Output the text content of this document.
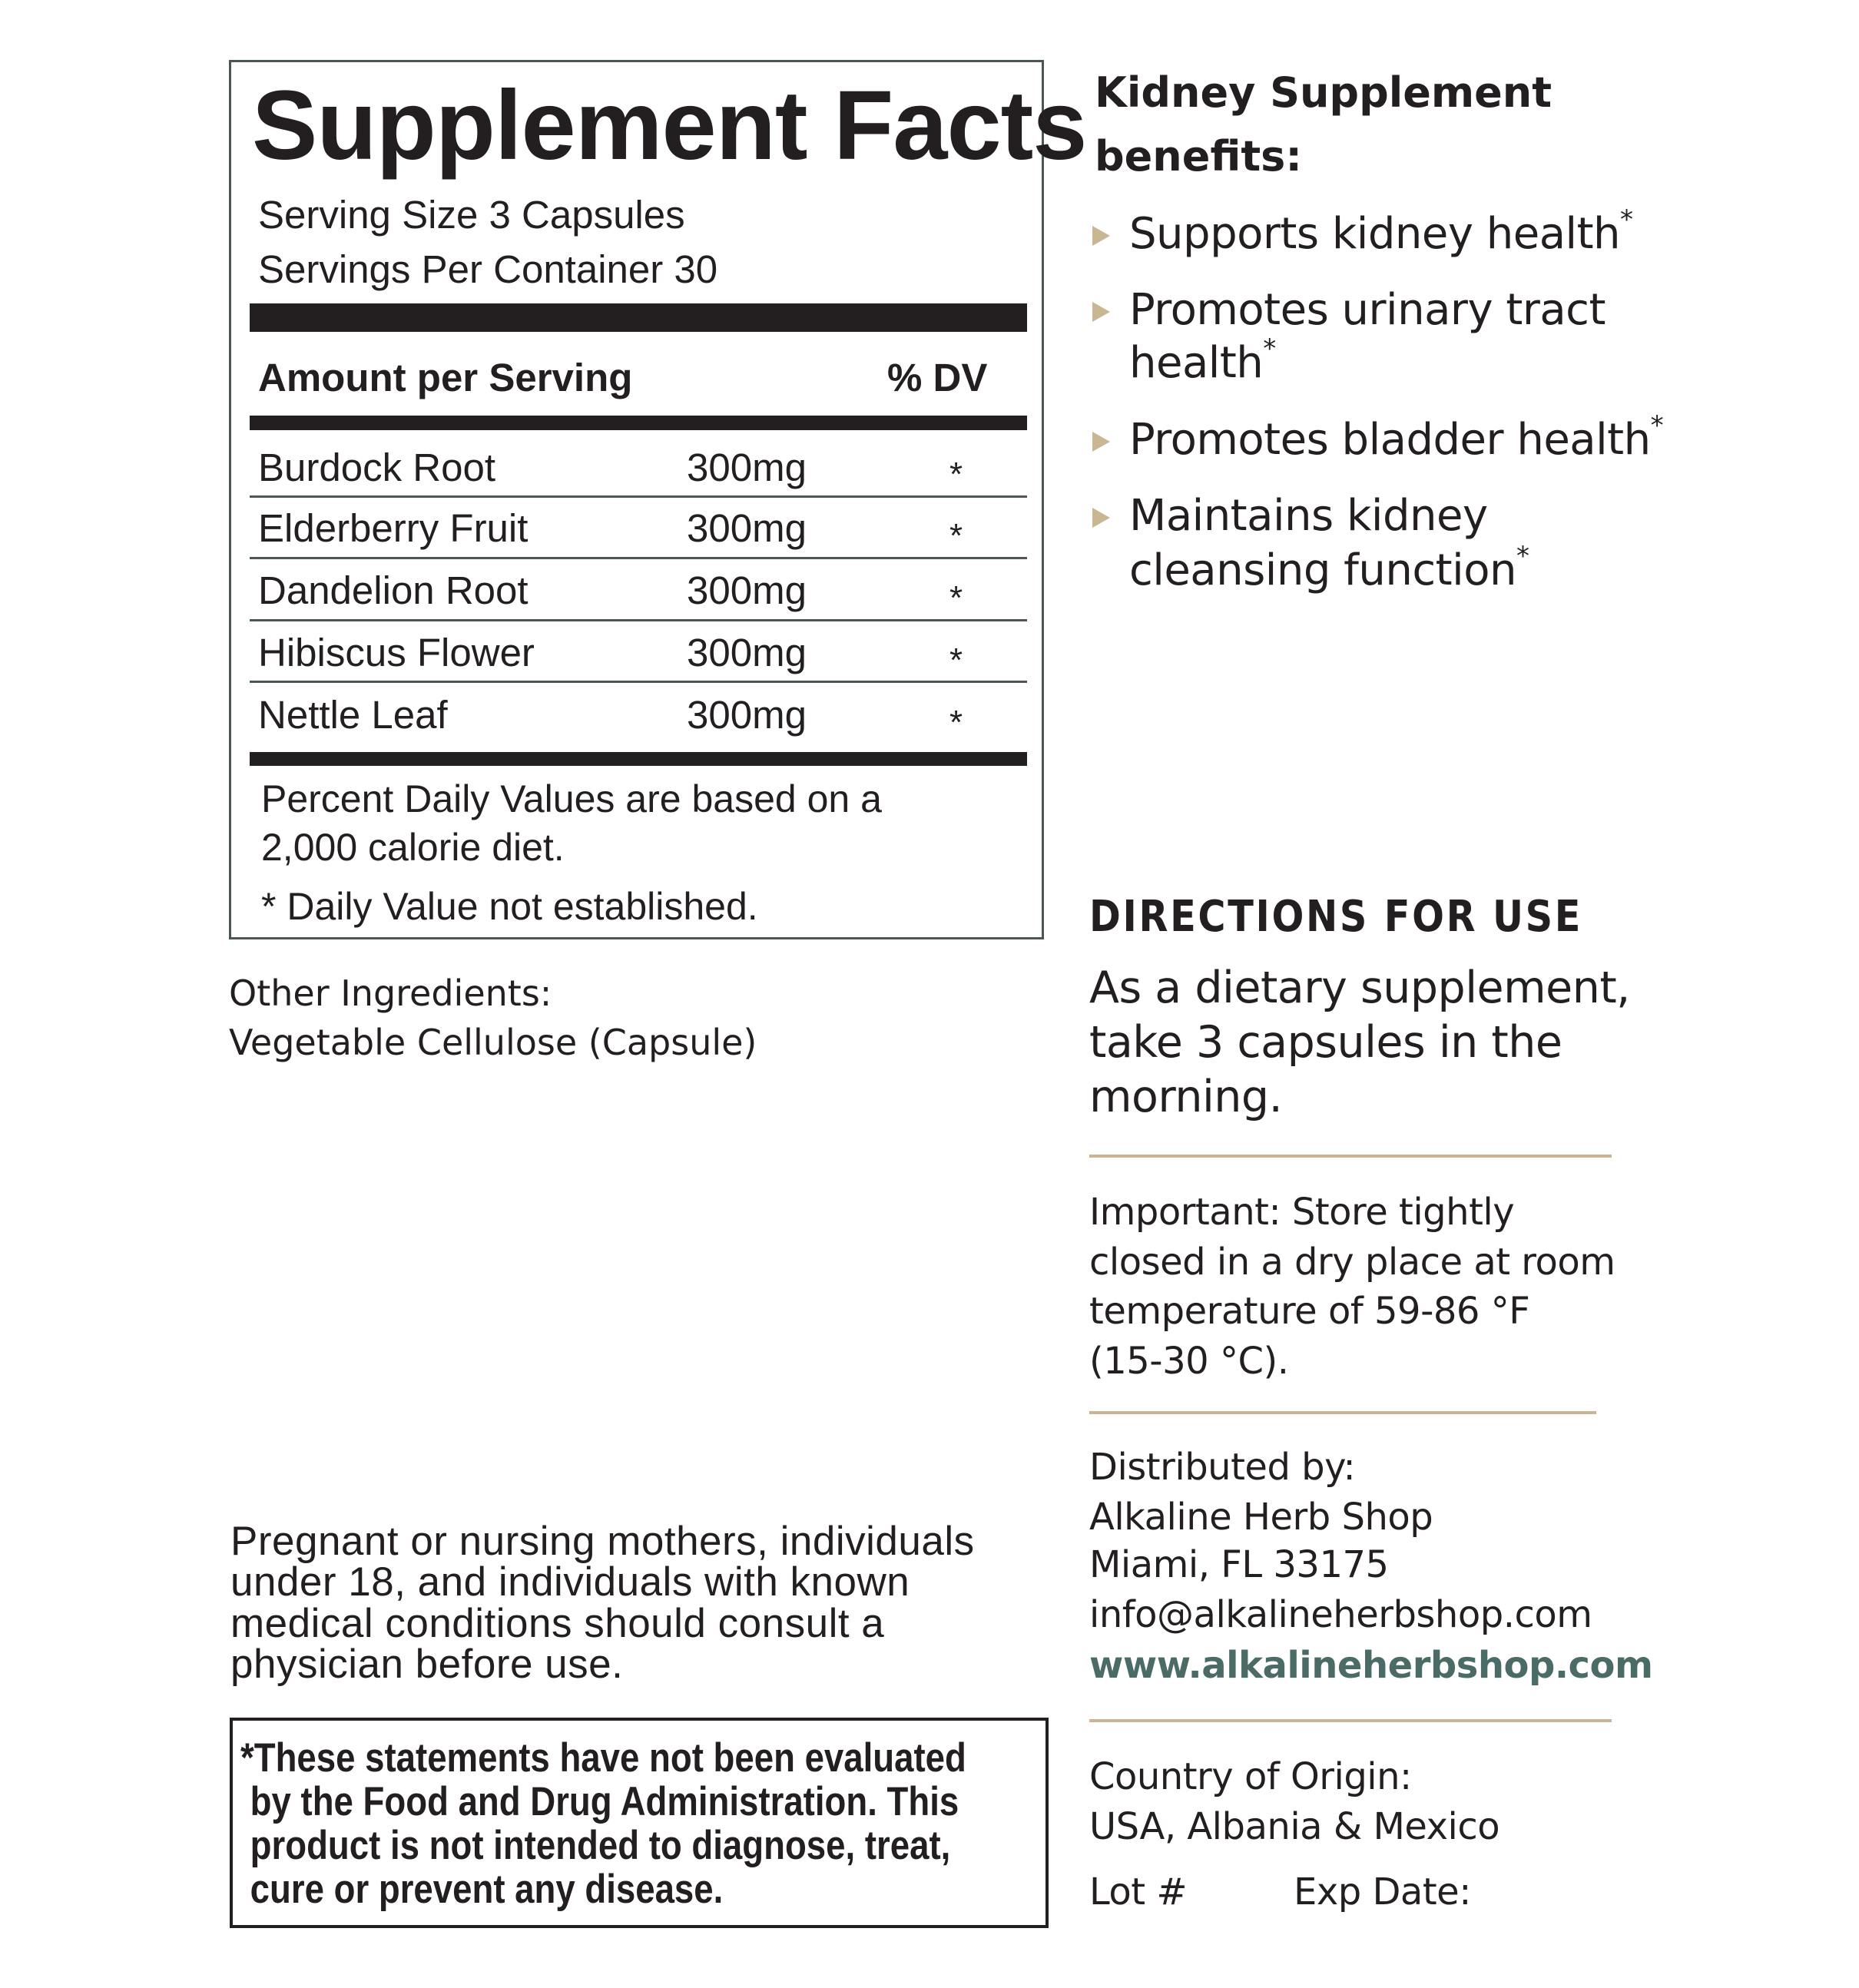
Supplement Facts
Serving Size 3 Capsules
Servings Per Container 30
Amount per Serving	% DV
Burdock Root	300mg	*
Elderberry Fruit	300mg	*
Dandelion Root	300mg	*
Hibiscus Flower	300mg	*
Nettle Leaf	300mg	*
Percent Daily Values are based on a
2,000 calorie diet.
* Daily Value not established.
Other Ingredients:
Vegetable Cellulose (Capsule)
Pregnant or nursing mothers, individuals
under 18, and individuals with known
medical conditions should consult a
physician before use.
*These statements have not been evaluated
by the Food and Drug Administration. This
product is not intended to diagnose, treat,
cure or prevent any disease.
Kidney Supplement
benefits:
Supports kidney health*
Promotes urinary tract
health*
Promotes bladder health*
Maintains kidney
cleansing function*
DIRECTIONS FOR USE
As a dietary supplement,
take 3 capsules in the
morning.
Important: Store tightly
closed in a dry place at room
temperature of 59-86 °F
(15-30 °C).
Distributed by:
Alkaline Herb Shop
Miami, FL 33175
info@alkalineherbshop.com
www.alkalineherbshop.com
Country of Origin:
USA, Albania & Mexico
Lot #	Exp Date:
